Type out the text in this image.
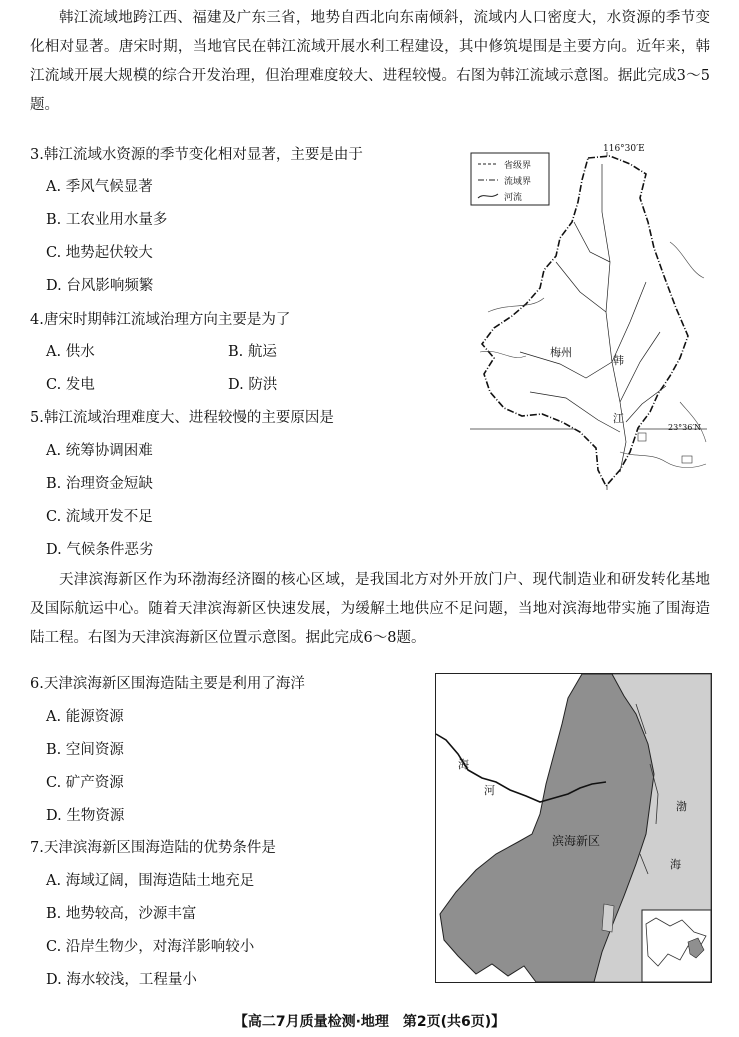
韩江流域地跨江西、福建及广东三省，地势自西北向东南倾斜，流域内人口密度大，水资源的季节变化相对显著。唐宋时期，当地官民在韩江流域开展水利工程建设，其中修筑堤围是主要方向。近年来，韩江流域开展大规模的综合开发治理，但治理难度较大、进程较慢。右图为韩江流域示意图。据此完成3～5题。
3.韩江流域水资源的季节变化相对显著，主要是由于
A. 季风气候显著
B. 工农业用水量多
C. 地势起伏较大
D. 台风影响频繁
4.唐宋时期韩江流域治理方向主要是为了
A. 供水	B. 航运
C. 发电	D. 防洪
5.韩江流域治理难度大、进程较慢的主要原因是
A. 统筹协调困难
B. 治理资金短缺
C. 流域开发不足
D. 气候条件恶劣
116°30′E
23°36′N
省级界
流域界
河流
梅州
韩
江
天津滨海新区作为环渤海经济圈的核心区域，是我国北方对外开放门户、现代制造业和研发转化基地及国际航运中心。随着天津滨海新区快速发展，为缓解土地供应不足问题，当地对滨海地带实施了围海造陆工程。右图为天津滨海新区位置示意图。据此完成6～8题。
6.天津滨海新区围海造陆主要是利用了海洋
A. 能源资源
B. 空间资源
C. 矿产资源
D. 生物资源
7.天津滨海新区围海造陆的优势条件是
A. 海域辽阔，围海造陆土地充足
B. 地势较高，沙源丰富
C. 沿岸生物少，对海洋影响较小
D. 海水较浅，工程量小
海
河
滨海新区
渤
海
【高二7月质量检测·地理　第2页(共6页)】
